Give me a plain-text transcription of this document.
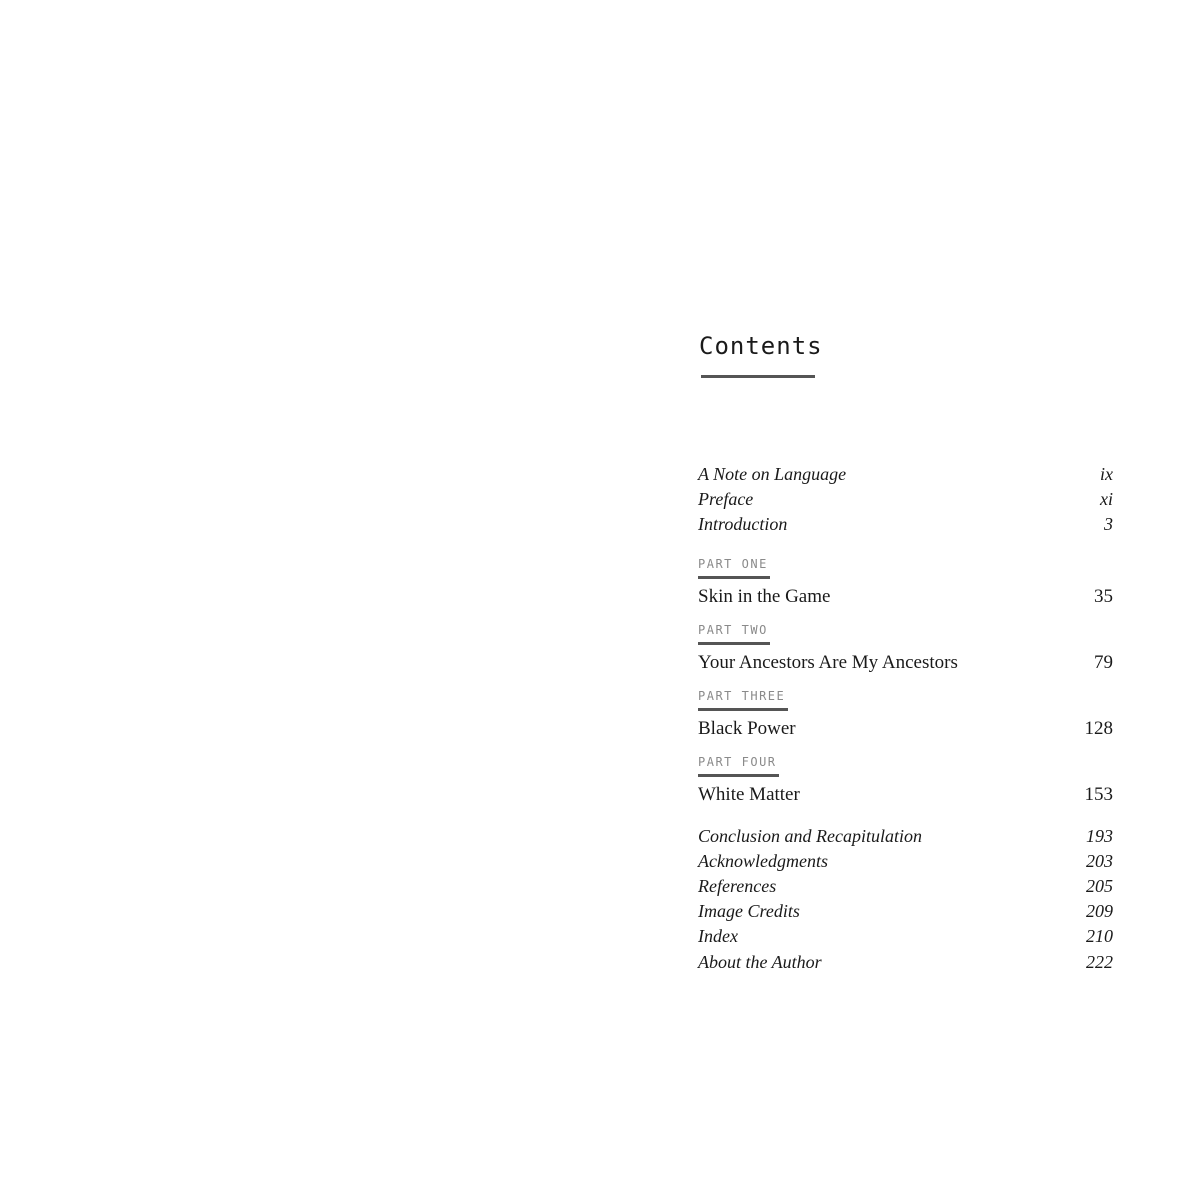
Contents
A Note on Language	ix
Preface	xi
Introduction	3
PART ONE
Skin in the Game	35
PART TWO
Your Ancestors Are My Ancestors	79
PART THREE
Black Power	128
PART FOUR
White Matter	153
Conclusion and Recapitulation	193
Acknowledgments	203
References	205
Image Credits	209
Index	210
About the Author	222
